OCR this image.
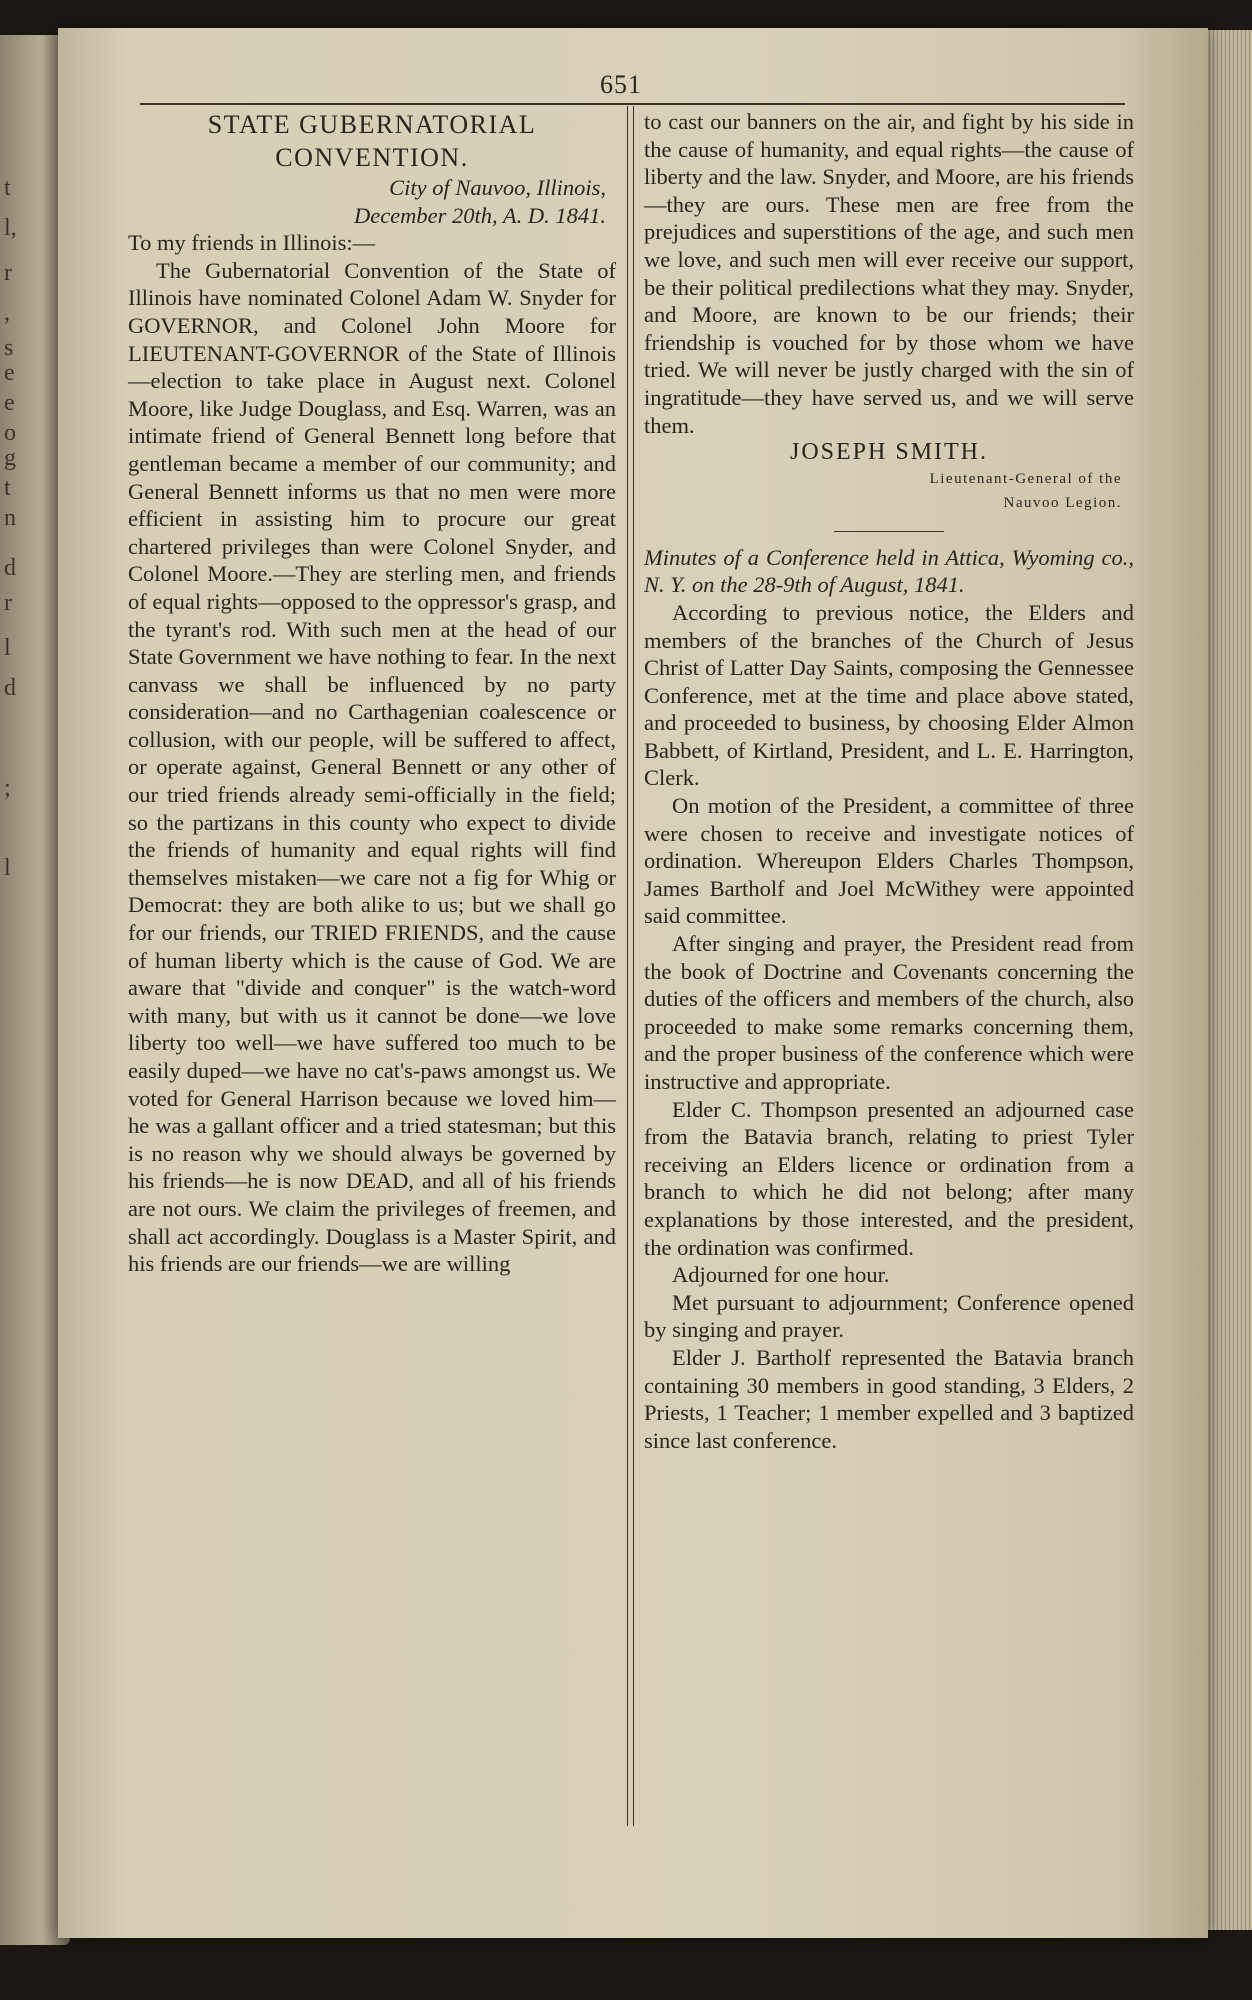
t
l,
r
,
s
e
e
o
g
t
n
d
r
l
d
;
l
651

STATE GUBERNATORIAL CONVENTION.

City of Nauvoo, Illinois,

December 20th, A. D. 1841.

To my friends in Illinois:—

The Gubernatorial Convention of the State of Illinois have nominated Colonel Adam W. Snyder for GOVERNOR, and Colonel John Moore for LIEUTENANT-GOVERNOR of the State of Illinois—election to take place in August next. Colonel Moore, like Judge Douglass, and Esq. Warren, was an intimate friend of General Bennett long before that gentleman became a member of our community; and General Bennett informs us that no men were more efficient in assisting him to procure our great chartered privileges than were Colonel Snyder, and Colonel Moore.—They are sterling men, and friends of equal rights—opposed to the oppressor's grasp, and the tyrant's rod. With such men at the head of our State Government we have nothing to fear. In the next canvass we shall be influenced by no party consideration—and no Carthagenian coalescence or collusion, with our people, will be suffered to affect, or operate against, General Bennett or any other of our tried friends already semi-officially in the field; so the partizans in this county who expect to divide the friends of humanity and equal rights will find themselves mistaken—we care not a fig for Whig or Democrat: they are both alike to us; but we shall go for our friends, our TRIED FRIENDS, and the cause of human liberty which is the cause of God. We are aware that "divide and conquer" is the watch-word with many, but with us it cannot be done—we love liberty too well—we have suffered too much to be easily duped—we have no cat's-paws amongst us. We voted for General Harrison because we loved him—he was a gallant officer and a tried statesman; but this is no reason why we should always be governed by his friends—he is now DEAD, and all of his friends are not ours. We claim the privileges of freemen, and shall act accordingly. Douglass is a Master Spirit, and his friends are our friends—we are willing

to cast our banners on the air, and fight by his side in the cause of humanity, and equal rights—the cause of liberty and the law. Snyder, and Moore, are his friends—they are ours. These men are free from the prejudices and superstitions of the age, and such men we love, and such men will ever receive our support, be their political predilections what they may. Snyder, and Moore, are known to be our friends; their friendship is vouched for by those whom we have tried. We will never be justly charged with the sin of ingratitude—they have served us, and we will serve them.

JOSEPH SMITH.

Lieutenant-General of the

Nauvoo Legion.

Minutes of a Conference held in Attica, Wyoming co., N. Y. on the 28-9th of August, 1841.

According to previous notice, the Elders and members of the branches of the Church of Jesus Christ of Latter Day Saints, composing the Gennessee Conference, met at the time and place above stated, and proceeded to business, by choosing Elder Almon Babbett, of Kirtland, President, and L. E. Harrington, Clerk.

On motion of the President, a committee of three were chosen to receive and investigate notices of ordination. Whereupon Elders Charles Thompson, James Bartholf and Joel McWithey were appointed said committee.

After singing and prayer, the President read from the book of Doctrine and Covenants concerning the duties of the officers and members of the church, also proceeded to make some remarks concerning them, and the proper business of the conference which were instructive and appropriate.

Elder C. Thompson presented an adjourned case from the Batavia branch, relating to priest Tyler receiving an Elders licence or ordination from a branch to which he did not belong; after many explanations by those interested, and the president, the ordination was confirmed.

Adjourned for one hour.

Met pursuant to adjournment; Conference opened by singing and prayer.

Elder J. Bartholf represented the Batavia branch containing 30 members in good standing, 3 Elders, 2 Priests, 1 Teacher; 1 member expelled and 3 baptized since last conference.
